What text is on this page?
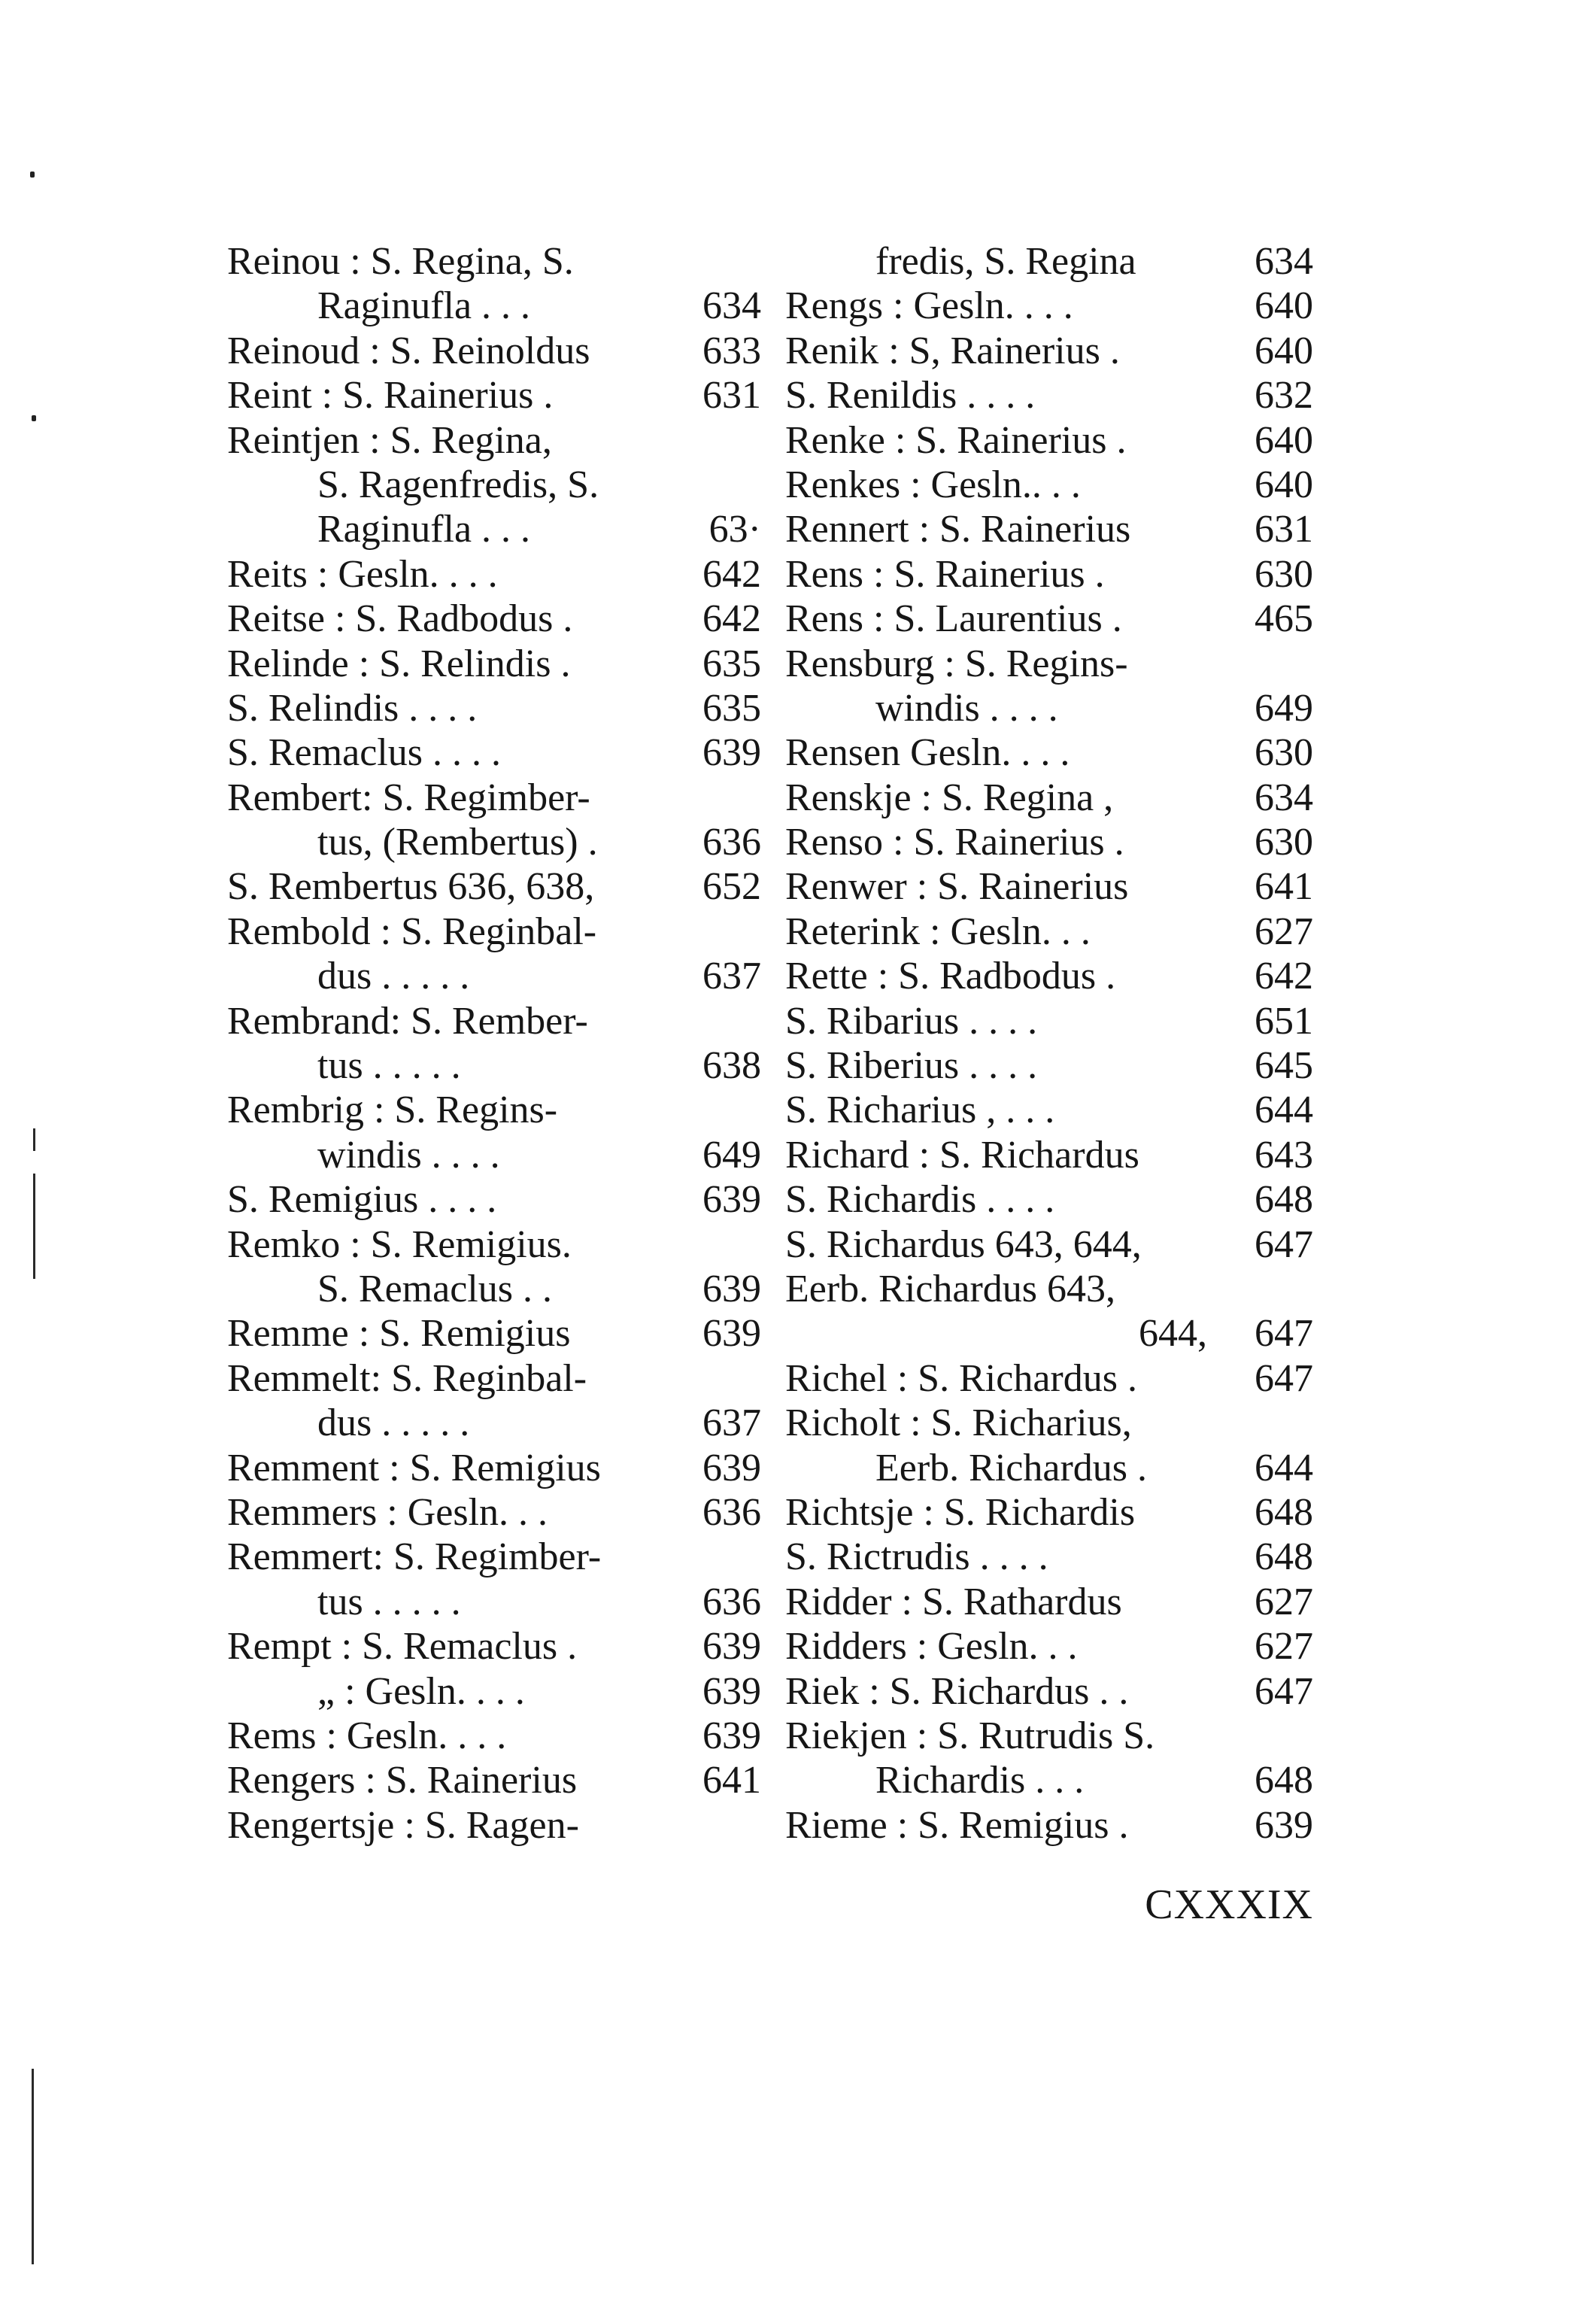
Reinou : S. Regina, S.
Raginufla . . .	634
Reinoud : S. Reinoldus	633
Reint : S. Rainerius .	631
Reintjen : S. Regina,
S. Ragenfredis, S.
Raginufla . . .	63·
Reits : Gesln. . . .	642
Reitse : S. Radbodus .	642
Relinde : S. Relindis .	635
S. Relindis . . . .	635
S. Remaclus . . . .	639
Rembert: S. Regimber-
tus, (Rembertus) .	636
S. Rembertus 636, 638,	652
Rembold : S. Reginbal-
dus . . . . .	637
Rembrand: S. Rember-
tus . . . . .	638
Rembrig : S. Regins-
windis . . . .	649
S. Remigius . . . .	639
Remko : S. Remigius.
S. Remaclus . .	639
Remme : S. Remigius	639
Remmelt: S. Reginbal-
dus . . . . .	637
Remment : S. Remigius	639
Remmers : Gesln. . .	636
Remmert: S. Regimber-
tus . . . . .	636
Rempt : S. Remaclus .	639
„ : Gesln. . . .	639
Rems : Gesln. . . .	639
Rengers : S. Rainerius	641
Rengertsje : S. Ragen-
fredis, S. Regina	634
Rengs : Gesln. . . .	640
Renik : S, Rainerius .	640
S. Renildis . . . .	632
Renke : S. Rainerius .	640
Renkes : Gesln.. . .	640
Rennert : S. Rainerius	631
Rens : S. Rainerius .	630
Rens : S. Laurentius .	465
Rensburg : S. Regins-
windis . . . .	649
Rensen Gesln. . . .	630
Renskje : S. Regina ,	634
Renso : S. Rainerius .	630
Renwer : S. Rainerius	641
Reterink : Gesln. . .	627
Rette : S. Radbodus .	642
S. Ribarius . . . .	651
S. Riberius . . . .	645
S. Richarius , . . .	644
Richard : S. Richardus	643
S. Richardis . . . .	648
S. Richardus 643, 644,	647
Eerb. Richardus 643,
644, 647
Richel : S. Richardus .	647
Richolt : S. Richarius,
Eerb. Richardus .	644
Richtsje : S. Richardis	648
S. Rictrudis . . . .	648
Ridder : S. Rathardus	627
Ridders : Gesln. . .	627
Riek : S. Richardus . .	647
Riekjen : S. Rutrudis S.
Richardis . . .	648
Rieme : S. Remigius .	639
CXXXIX
